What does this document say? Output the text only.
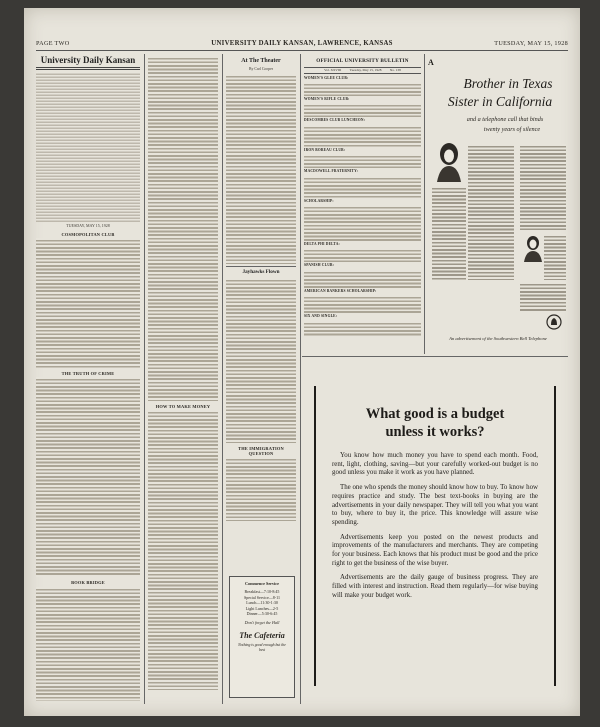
PAGE TWO	UNIVERSITY DAILY KANSAN, LAWRENCE, KANSAS	TUESDAY, MAY 15, 1928
University Daily Kansan
TUESDAY, MAY 15, 1928
COSMOPOLITAN CLUB
THE TRUTH OF CRIME
BOOK BRIDGE
HOW TO MAKE MONEY
At The Theater
By Carl Cooper
Jayhawks Flown
THE IMMIGRATION QUESTION
Commence Service
Breakfast—7:10-8:45
Special Service—8-11
Lunch—11:30-1:30
Light Lunches—2-5
Dinner—5:30-6:45
Don't forget the Hall
The Cafeteria
Nothing is good enough but the best
OFFICIAL UNIVERSITY BULLETIN
Vol. XXVIII          Tuesday, May 15, 1928          No. 138
WOMEN'S GLEE CLUB:
WOMEN'S RIFLE CLUB:
DESCOMBES CLUB LUNCHEON:
IRON BOREAU CLUB:
MACDOWELL FRATERNITY:
SCHOLARSHIP:
DELTA PHI DELTA:
SPANISH CLUB:
AMERICAN BANKERS SCHOLARSHIP:
SIX AND SINGLE:
A
Brother in Texas
Sister in California
and a telephone call that binds
twenty years of silence
An advertisement of the Southwestern Bell Telephone
What good is a budget
unless it works?

You know how much money you have to spend each month. Food, rent, light, clothing, saving—but your carefully worked-out budget is no good unless you make it work as you have planned.

The one who spends the money should know how to buy. To know how requires practice and study. The best text-books in buying are the advertisements in your daily newspaper. They will tell you what you want to buy, where to buy it, the price. This knowledge will assure wise spending.

Advertisements keep you posted on the newest products and improvements of the manufacturers and merchants. They are competing for your business. Each knows that his product must be good and the price right to get the business of the wise buyer.

Advertisements are the daily gauge of business progress. They are filled with interest and instruction. Read them regularly—for wise buying will make your budget work.
